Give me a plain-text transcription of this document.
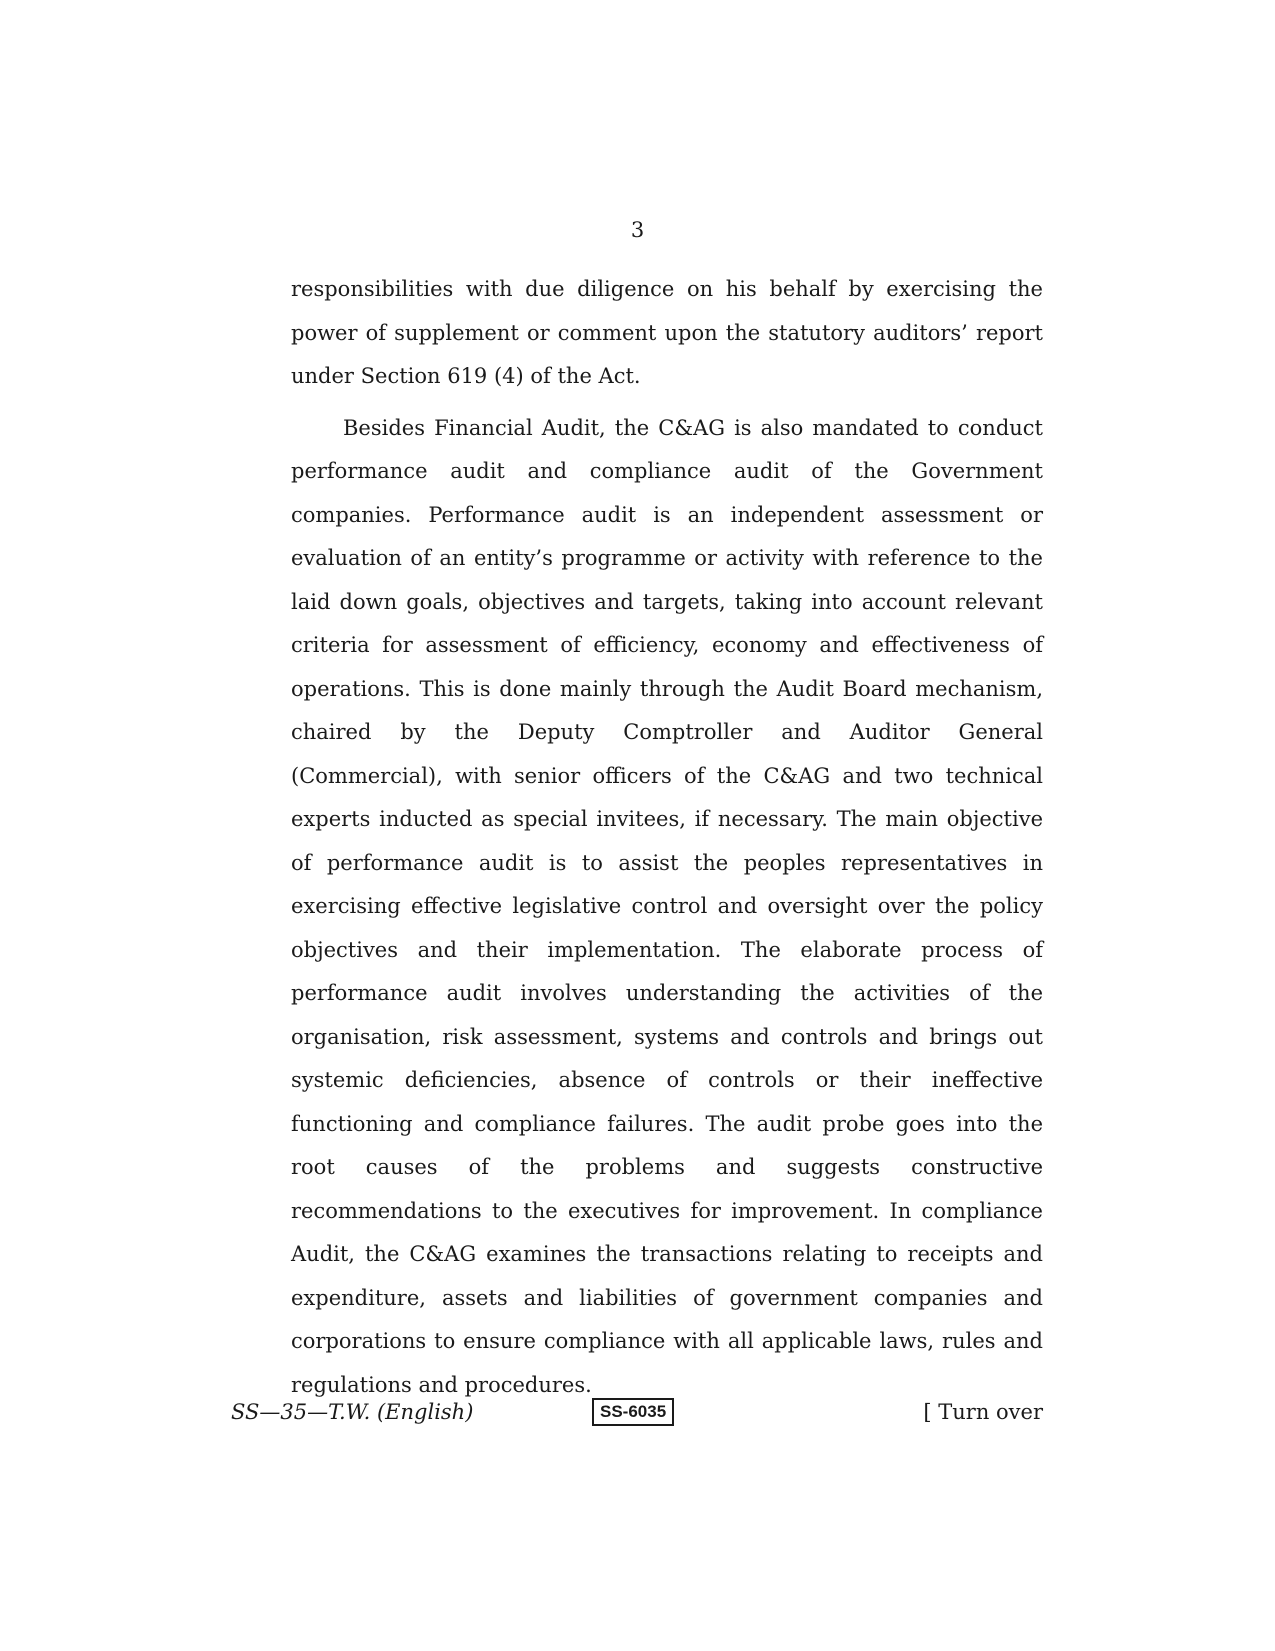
3

responsibilities with due diligence on his behalf by exercising the power of supplement or comment upon the statutory auditors’ report under Section 619 (4) of the Act.

Besides Financial Audit, the C&AG is also mandated to conduct performance audit and compliance audit of the Government companies. Performance audit is an independent assessment or evaluation of an entity’s programme or activity with reference to the laid down goals, objectives and targets, taking into account relevant criteria for assessment of efficiency, economy and effectiveness of operations. This is done mainly through the Audit Board mechanism, chaired by the Deputy Comptroller and Auditor General (Commercial), with senior officers of the C&AG and two technical experts inducted as special invitees, if necessary. The main objective of performance audit is to assist the peoples representatives in exercising effective legislative control and oversight over the policy objectives and their implementation. The elaborate process of performance audit involves understanding the activities of the organisation, risk assessment, systems and controls and brings out systemic deficiencies, absence of controls or their ineffective functioning and compliance failures. The audit probe goes into the root causes of the problems and suggests constructive recommendations to the executives for improvement. In compliance Audit, the C&AG examines the transactions relating to receipts and expenditure, assets and liabilities of government companies and corporations to ensure compliance with all applicable laws, rules and regulations and procedures.

SS—35—T.W. (English)	SS-6035	[ Turn over
